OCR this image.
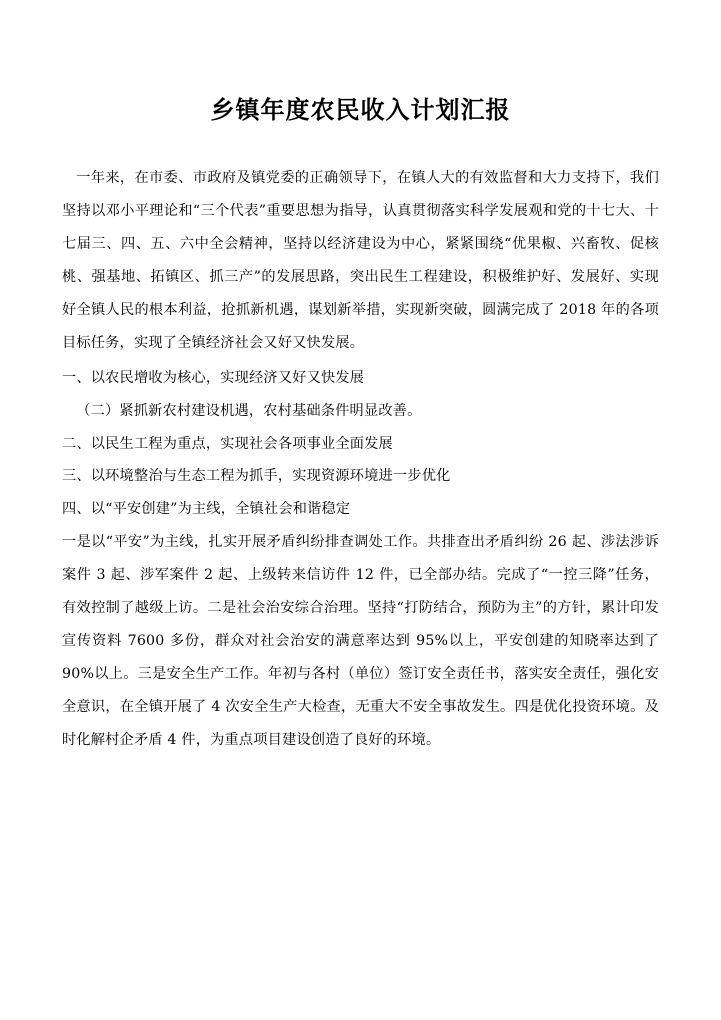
乡镇年度农民收入计划汇报

一年来，在市委、市政府及镇党委的正确领导下，在镇人大的有效监督和大力支持下，我们坚持以邓小平理论和“三个代表”重要思想为指导，认真贯彻落实科学发展观和党的十七大、十七届三、四、五、六中全会精神，坚持以经济建设为中心，紧紧围绕“优果椒、兴畜牧、促核桃、强基地、拓镇区、抓三产”的发展思路，突出民生工程建设，积极维护好、发展好、实现好全镇人民的根本利益，抢抓新机遇，谋划新举措，实现新突破，圆满完成了 2018 年的各项目标任务，实现了全镇经济社会又好又快发展。

一、以农民增收为核心，实现经济又好又快发展

（二）紧抓新农村建设机遇，农村基础条件明显改善。

二、以民生工程为重点，实现社会各项事业全面发展

三、以环境整治与生态工程为抓手，实现资源环境进一步优化

四、以“平安创建”为主线，全镇社会和谐稳定

一是以“平安”为主线，扎实开展矛盾纠纷排查调处工作。共排查出矛盾纠纷 26 起、涉法涉诉案件 3 起、涉军案件 2 起、上级转来信访件 12 件，已全部办结。完成了“一控三降”任务，有效控制了越级上访。二是社会治安综合治理。坚持“打防结合，预防为主”的方针，累计印发宣传资料 7600 多份，群众对社会治安的满意率达到 95%以上，平安创建的知晓率达到了 90%以上。三是安全生产工作。年初与各村（单位）签订安全责任书，落实安全责任，强化安全意识，在全镇开展了 4 次安全生产大检查，无重大不安全事故发生。四是优化投资环境。及时化解村企矛盾 4 件，为重点项目建设创造了良好的环境。
